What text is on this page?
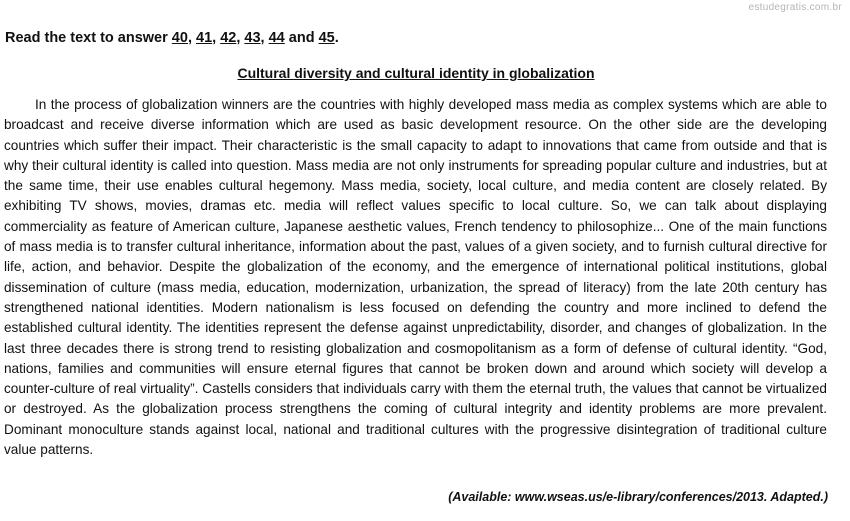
estudegratis.com.br
Read the text to answer 40, 41, 42, 43, 44 and 45.
Cultural diversity and cultural identity in globalization

In the process of globalization winners are the countries with highly developed mass media as complex systems which are able to broadcast and receive diverse information which are used as basic development resource. On the other side are the developing countries which suffer their impact. Their characteristic is the small capacity to adapt to innovations that came from outside and that is why their cultural identity is called into question. Mass media are not only instruments for spreading popular culture and industries, but at the same time, their use enables cultural hegemony. Mass media, society, local culture, and media content are closely related. By exhibiting TV shows, movies, dramas etc. media will reflect values specific to local culture. So, we can talk about displaying commerciality as feature of American culture, Japanese aesthetic values, French tendency to philosophize... One of the main functions of mass media is to transfer cultural inheritance, information about the past, values of a given society, and to furnish cultural directive for life, action, and behavior. Despite the globalization of the economy, and the emergence of international political institutions, global dissemination of culture (mass media, education, modernization, urbanization, the spread of literacy) from the late 20th century has strengthened national identities. Modern nationalism is less focused on defending the country and more inclined to defend the established cultural identity. The identities represent the defense against unpredictability, disorder, and changes of globalization. In the last three decades there is strong trend to resisting globalization and cosmopolitanism as a form of defense of cultural identity. “God, nations, families and communities will ensure eternal figures that cannot be broken down and around which society will develop a counter-culture of real virtuality”. Castells considers that individuals carry with them the eternal truth, the values that cannot be virtualized or destroyed. As the globalization process strengthens the coming of cultural integrity and identity problems are more prevalent. Dominant monoculture stands against local, national and traditional cultures with the progressive disintegration of traditional culture value patterns.

(Available: www.wseas.us/e-library/conferences/2013. Adapted.)
